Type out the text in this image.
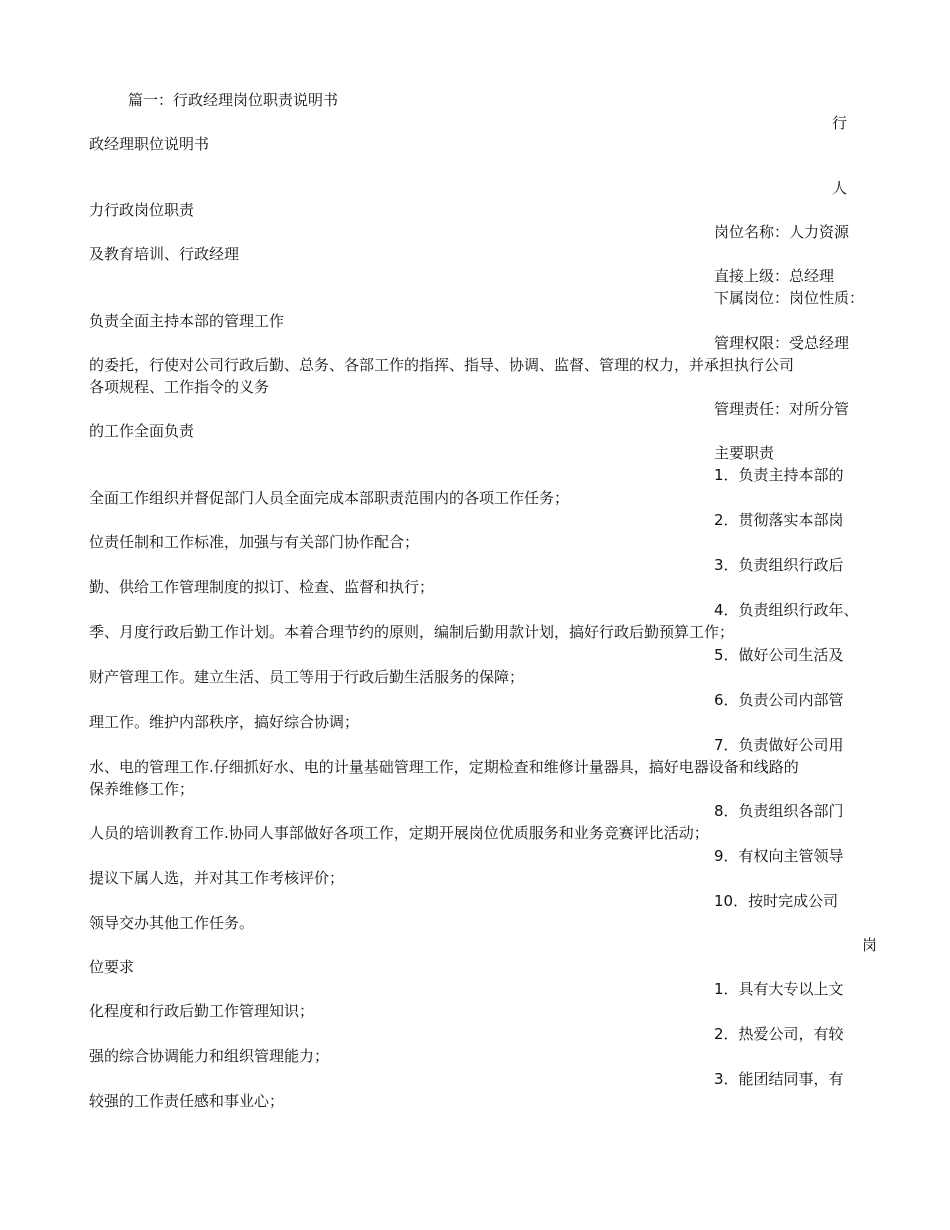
篇一：行政经理岗位职责说明书
行
政经理职位说明书
人
力行政岗位职责
岗位名称：人力资源
及教育培训、行政经理
直接上级：总经理
下属岗位：岗位性质：
负责全面主持本部的管理工作
管理权限：受总经理
的委托，行使对公司行政后勤、总务、各部工作的指挥、指导、协调、监督、管理的权力，并承担执行公司
各项规程、工作指令的义务
管理责任：对所分管
的工作全面负责
主要职责
1．负责主持本部的
全面工作组织并督促部门人员全面完成本部职责范围内的各项工作任务；
2．贯彻落实本部岗
位责任制和工作标准，加强与有关部门协作配合；
3．负责组织行政后
勤、供给工作管理制度的拟订、检查、监督和执行；
4．负责组织行政年、
季、月度行政后勤工作计划。本着合理节约的原则，编制后勤用款计划，搞好行政后勤预算工作；
5．做好公司生活及
财产管理工作。建立生活、员工等用于行政后勤生活服务的保障；
6．负责公司内部管
理工作。维护内部秩序，搞好综合协调；
7．负责做好公司用
水、电的管理工作.仔细抓好水、电的计量基础管理工作，定期检查和维修计量器具，搞好电器设备和线路的
保养维修工作；
8．负责组织各部门
人员的培训教育工作.协同人事部做好各项工作，定期开展岗位优质服务和业务竞赛评比活动；
9．有权向主管领导
提议下属人选，并对其工作考核评价；
10．按时完成公司
领导交办其他工作任务。
岗
位要求
1．具有大专以上文
化程度和行政后勤工作管理知识；
2．热爱公司，有较
强的综合协调能力和组织管理能力；
3．能团结同事，有
较强的工作责任感和事业心；
